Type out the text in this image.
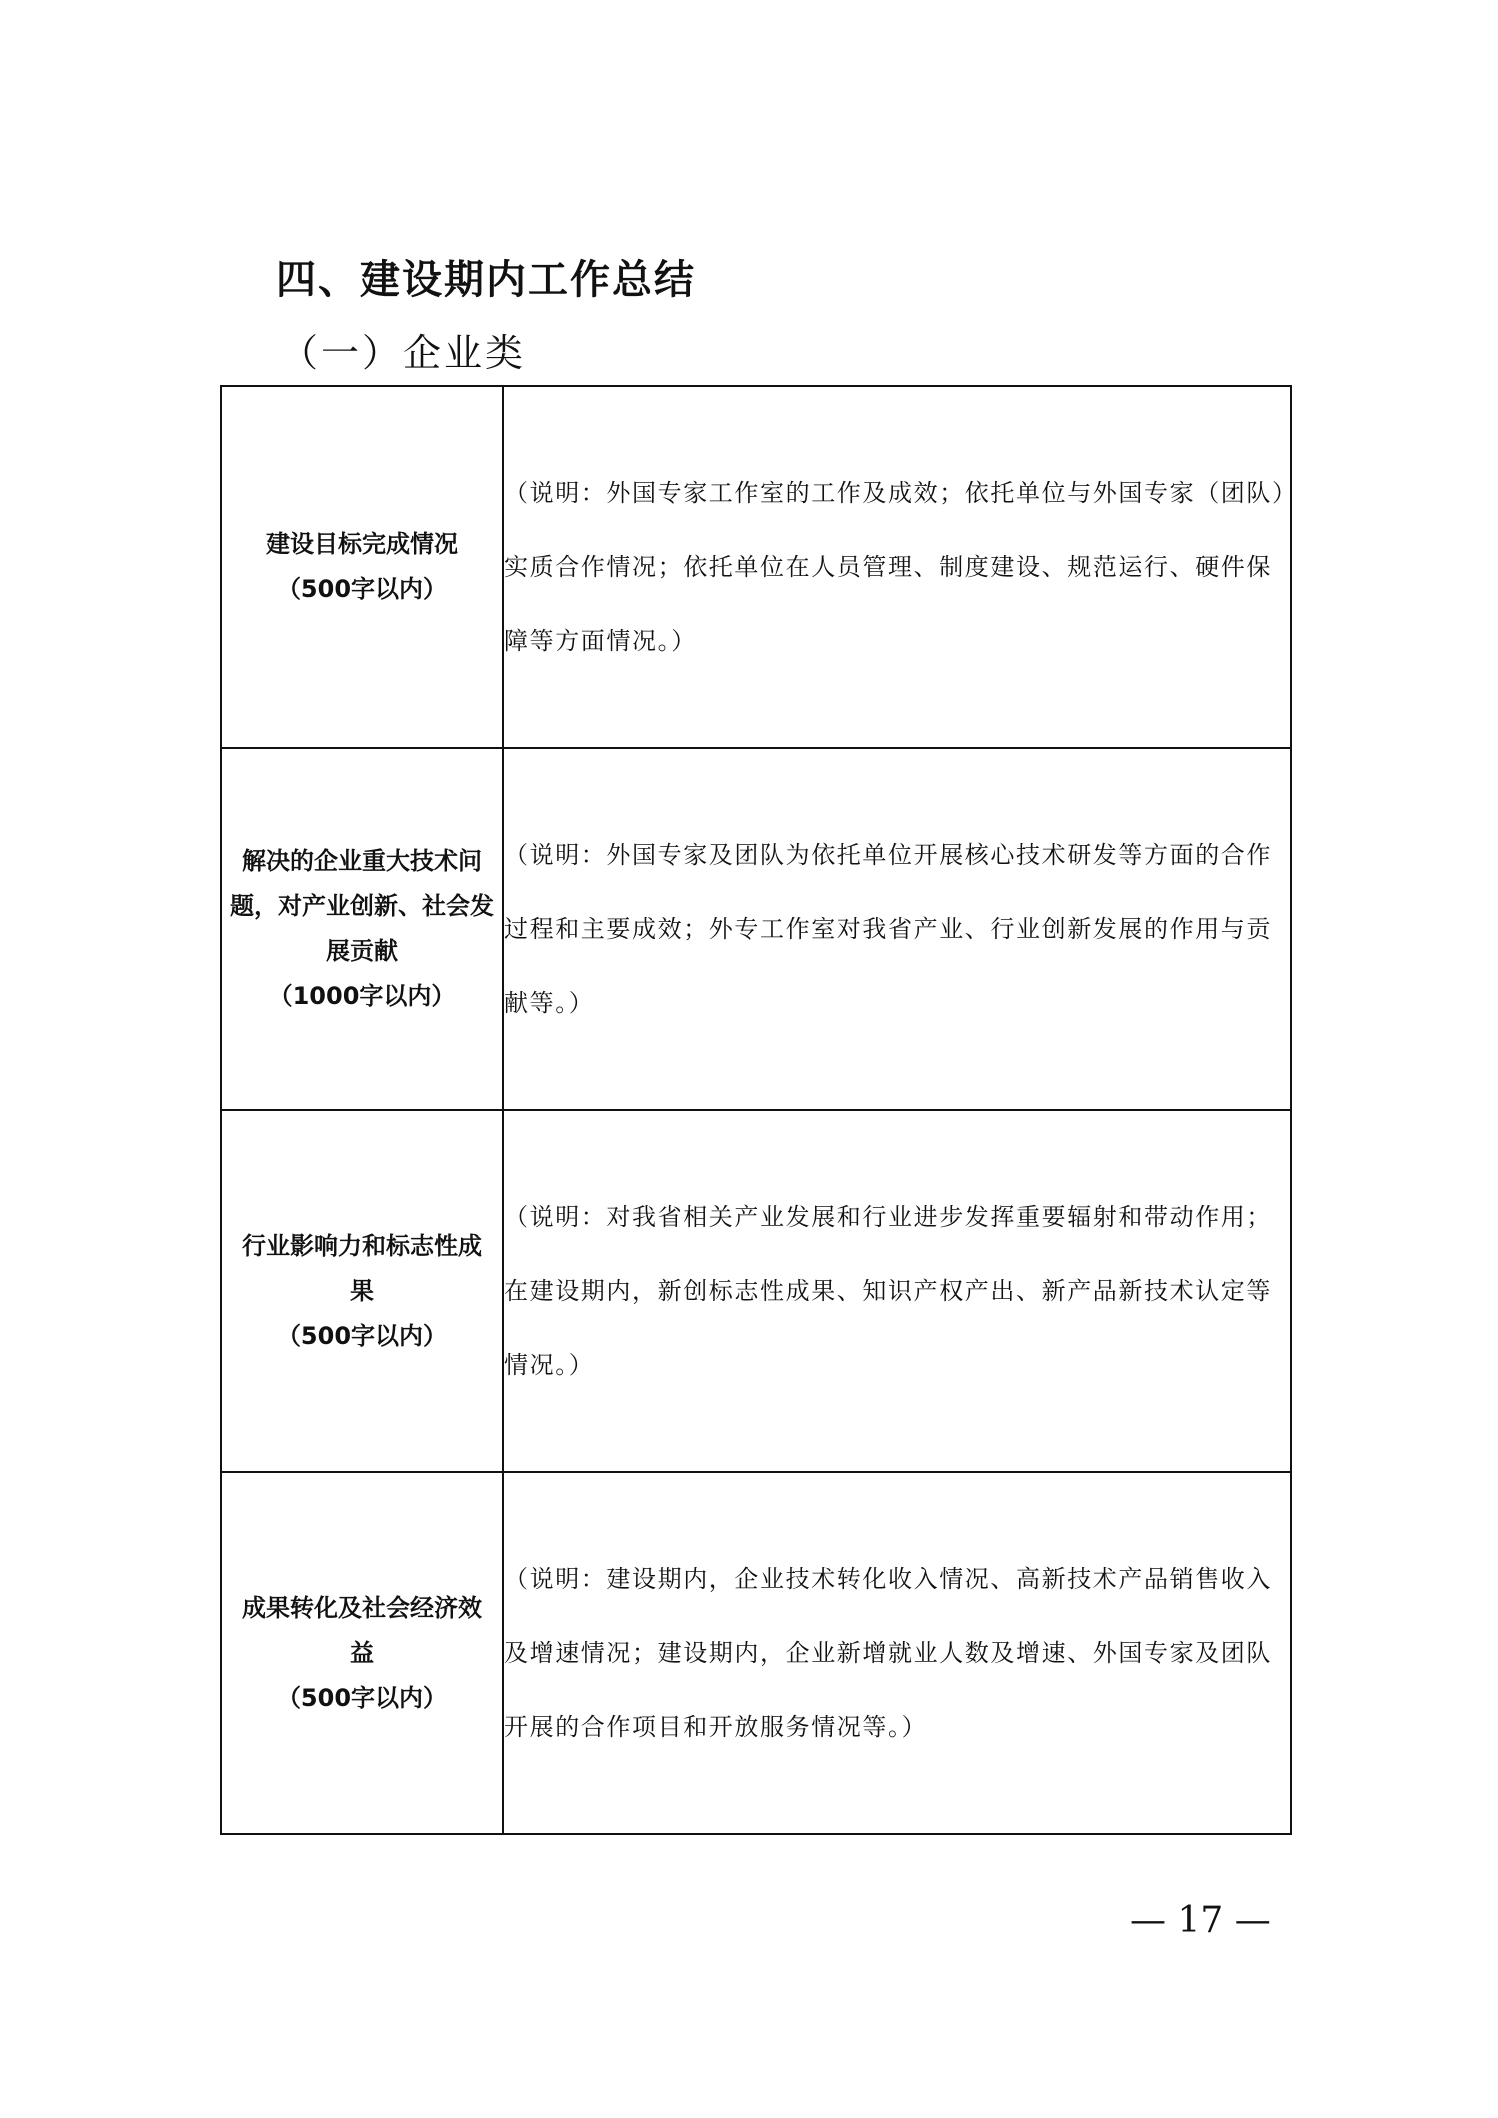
四、建设期内工作总结
（一）企业类
建设目标完成情况
（500字以内）	（说明：外国专家工作室的工作及成效；依托单位与外国专家（团队）实质合作情况；依托单位在人员管理、制度建设、规范运行、硬件保障等方面情况。）

解决的企业重大技术问
题，对产业创新、社会发
展贡献
（1000字以内）	（说明：外国专家及团队为依托单位开展核心技术研发等方面的合作过程和主要成效；外专工作室对我省产业、行业创新发展的作用与贡献等。）

行业影响力和标志性成
果
（500字以内）	（说明：对我省相关产业发展和行业进步发挥重要辐射和带动作用；在建设期内，新创标志性成果、知识产权产出、新产品新技术认定等情况。）

成果转化及社会经济效
益
（500字以内）	（说明：建设期内，企业技术转化收入情况、高新技术产品销售收入及增速情况；建设期内，企业新增就业人数及增速、外国专家及团队开展的合作项目和开放服务情况等。）
— 17 —
